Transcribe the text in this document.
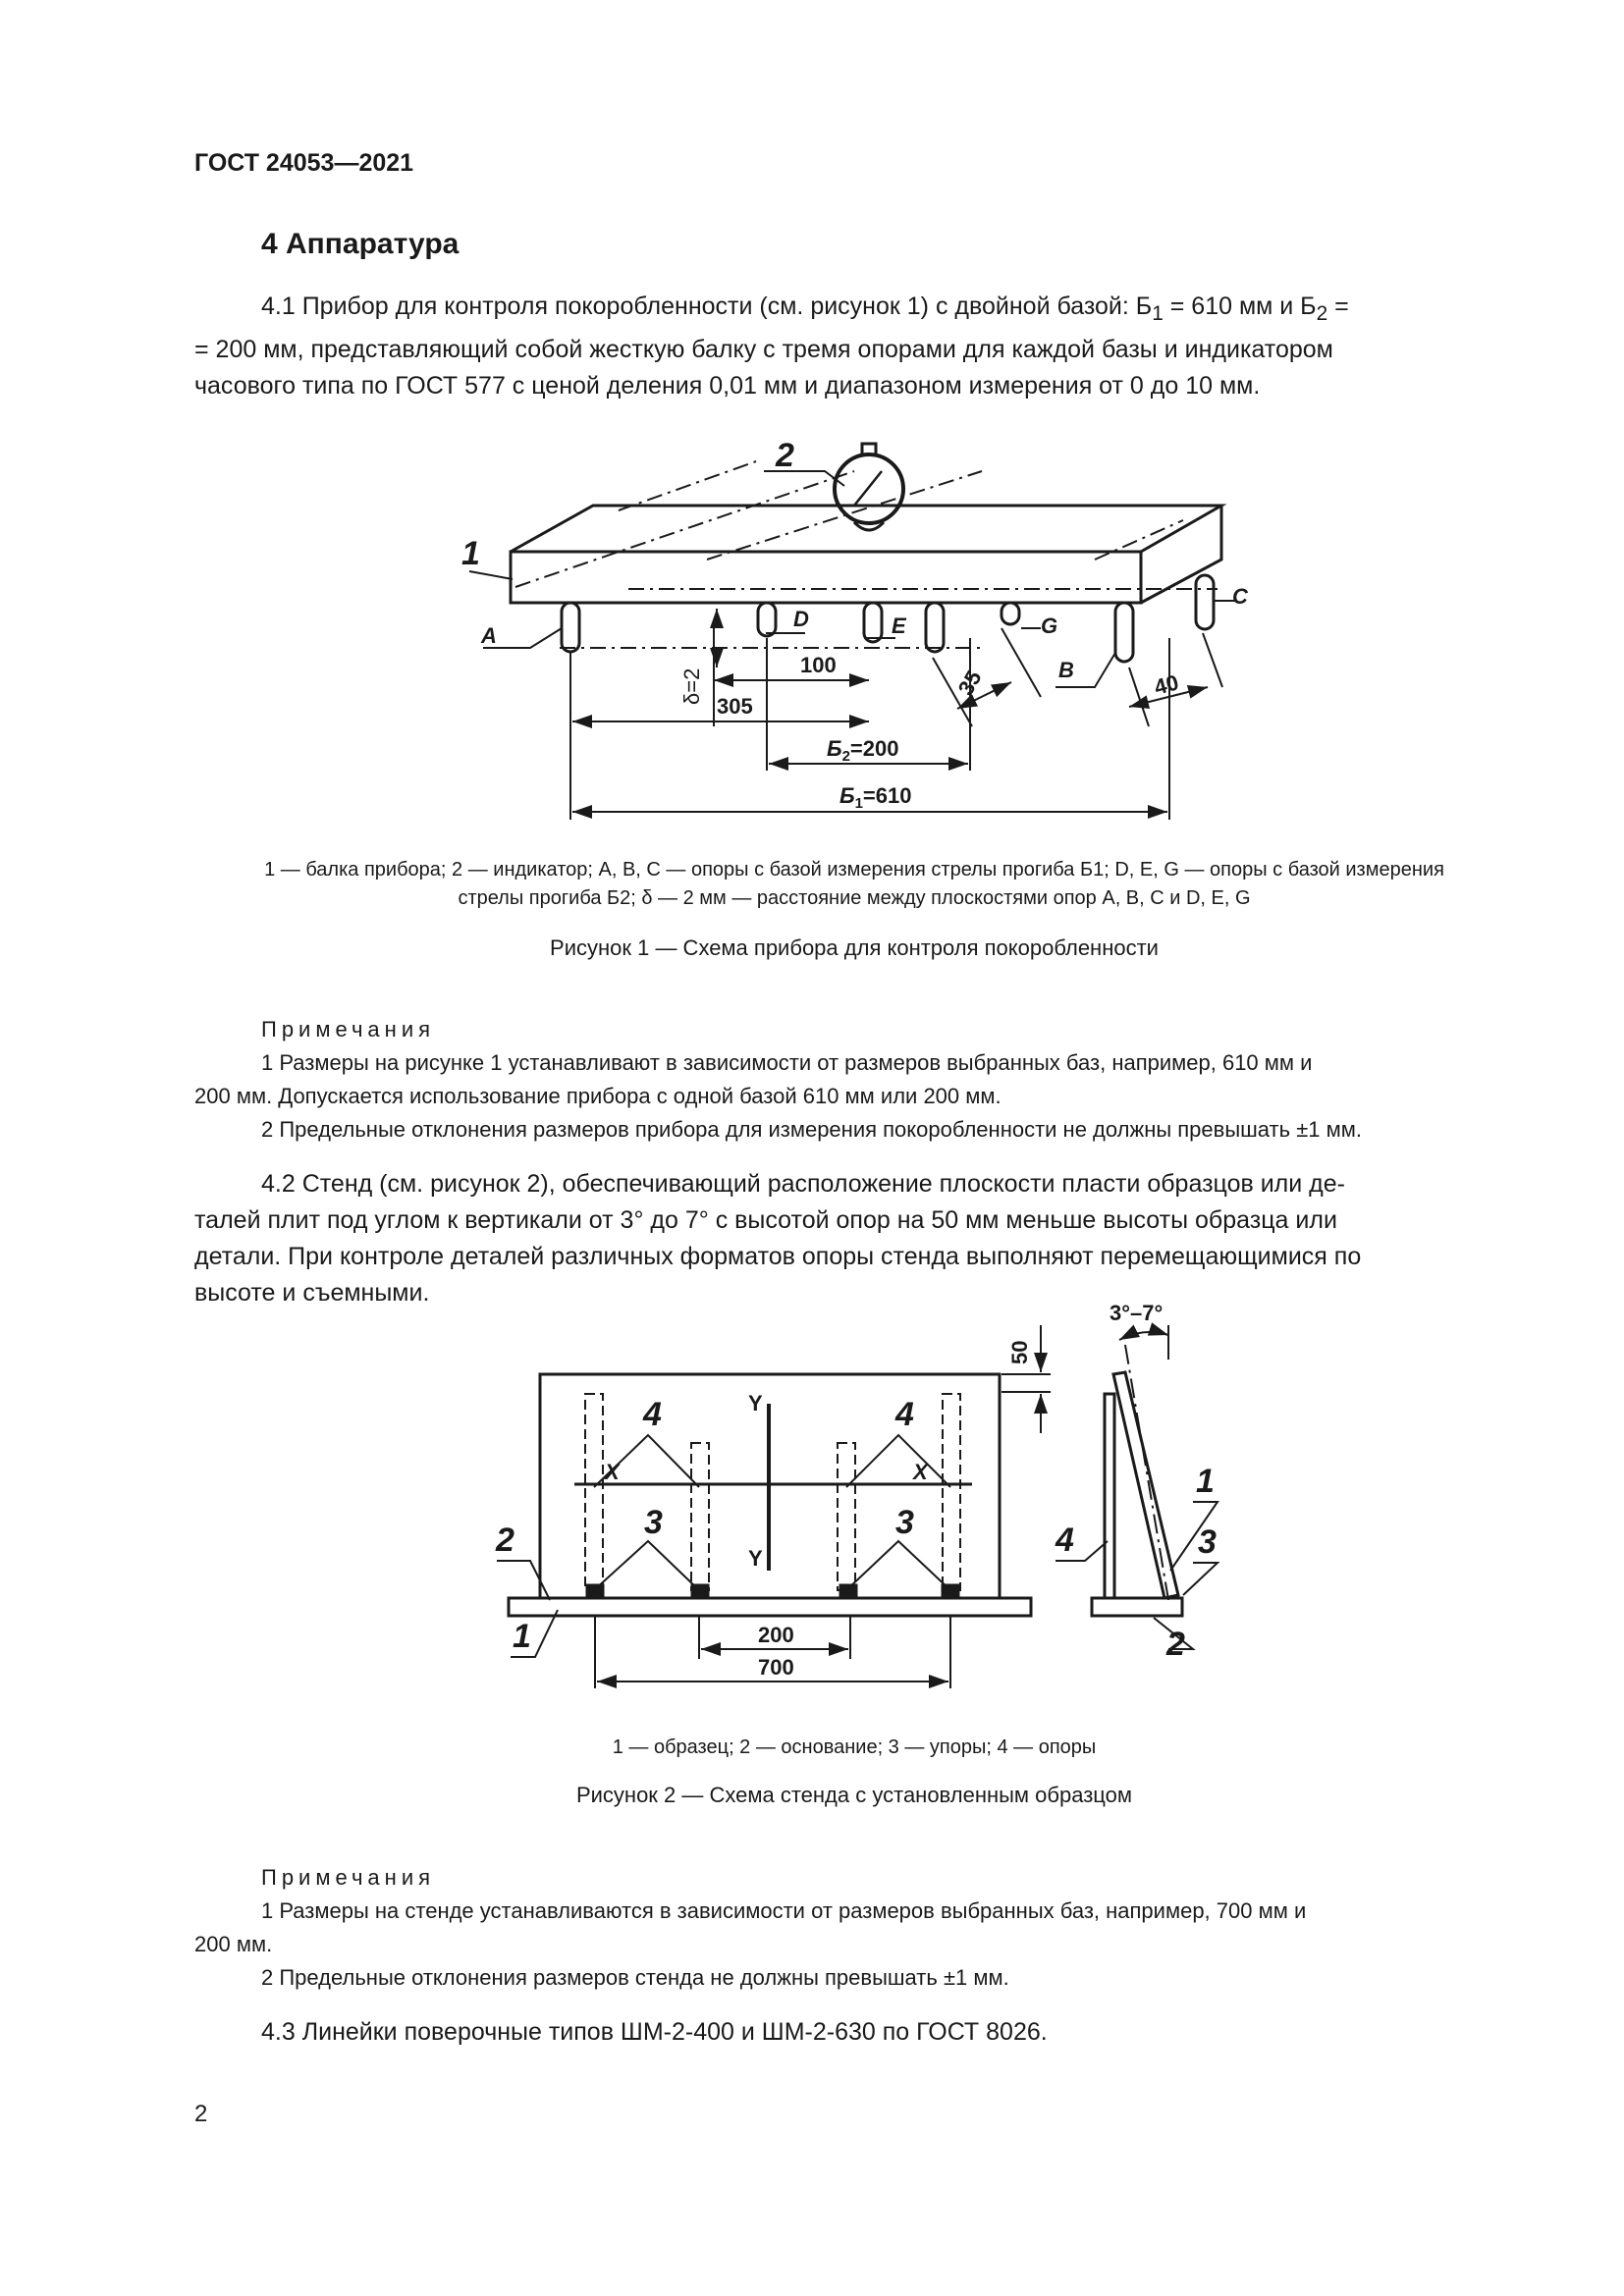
ГОСТ 24053—2021
4 Аппаратура
4.1 Прибор для контроля покоробленности (см. рисунок 1) с двойной базой: $Б_1 = 610$ мм и $Б_2$ =
= 200 мм, представляющий собой жесткую балку с тремя опорами для каждой базы и индикатором
часового типа по ГОСТ 577 с ценой деления 0,01 мм и диапазоном измерения от 0 до 10 мм.
1
2
A
B
C
D	E	G
δ=2
100
305
35	40
$Б_2=200$
$Б_1=610$
1 — балка прибора; 2 — индикатор; A, B, C — опоры с базой измерения стрелы прогиба Б1; D, E, G — опоры с базой измерения
стрелы прогиба Б2; δ — 2 мм — расстояние между плоскостями опор A, B, C и D, E, G
Рисунок 1 — Схема прибора для контроля покоробленности
Примечания
1 Размеры на рисунке 1 устанавливают в зависимости от размеров выбранных баз, например, 610 мм и
200 мм. Допускается использование прибора с одной базой 610 мм или 200 мм.
2 Предельные отклонения размеров прибора для измерения покоробленности не должны превышать ±1 мм.
4.2 Стенд (см. рисунок 2), обеспечивающий расположение плоскости пласти образцов или де-
талей плит под углом к вертикали от 3° до 7° с высотой опор на 50 мм меньше высоты образца или
детали. При контроле деталей различных форматов опоры стенда выполняют перемещающимися по
высоте и съемными.
50
3°–7°
Y
Y
X	X
4	4
3	3
2
1
4
1
3
2
200
700
1 — образец; 2 — основание; 3 — упоры; 4 — опоры
Рисунок 2 — Схема стенда с установленным образцом
Примечания
1 Размеры на стенде устанавливаются в зависимости от размеров выбранных баз, например, 700 мм и
200 мм.
2 Предельные отклонения размеров стенда не должны превышать ±1 мм.
4.3 Линейки поверочные типов ШМ-2-400 и ШМ-2-630 по ГОСТ 8026.
2
